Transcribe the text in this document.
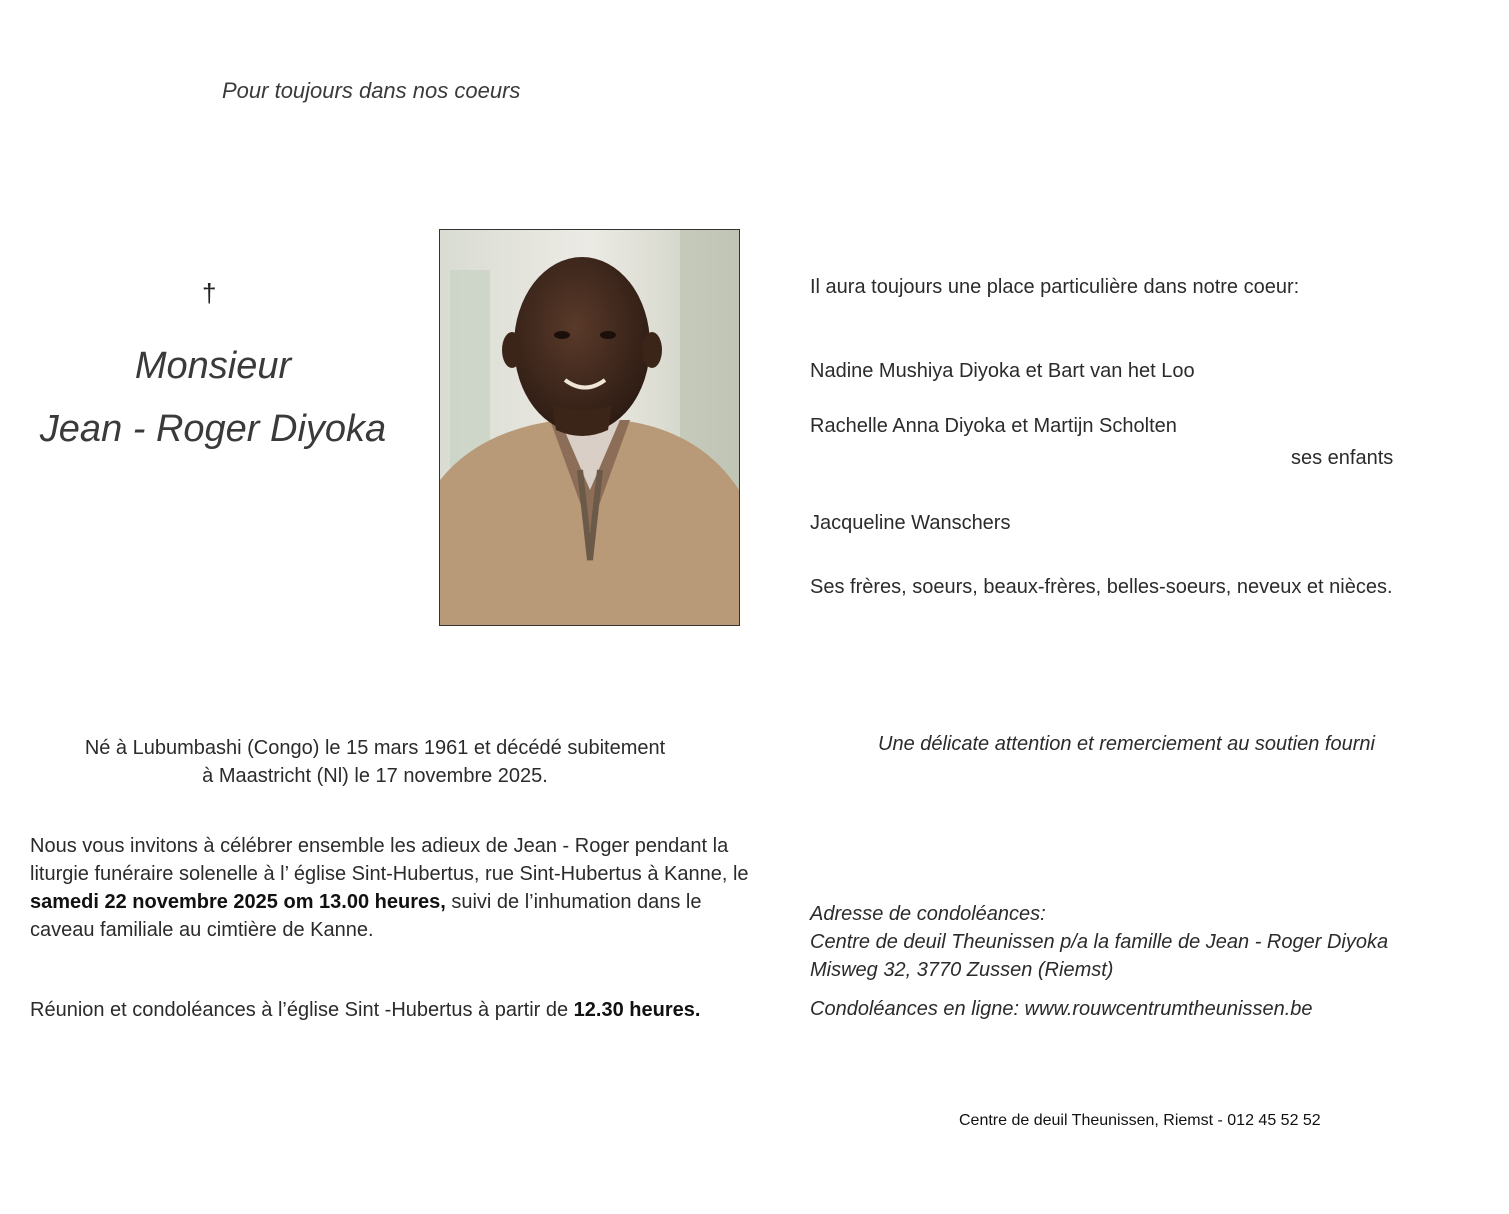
Pour toujours dans nos coeurs
†
Monsieur
Jean - Roger Diyoka
Il aura toujours une place particulière dans notre coeur:
Nadine Mushiya Diyoka et Bart van het Loo
Rachelle Anna Diyoka et Martijn Scholten
ses enfants
Jacqueline Wanschers
Ses frères, soeurs, beaux-frères, belles-soeurs, neveux et nièces.
Né à Lubumbashi (Congo) le 15 mars 1961 et décédé subitement
à Maastricht (Nl) le 17 novembre 2025.
Nous vous invitons à célébrer ensemble les adieux de Jean - Roger pendant la liturgie funéraire solenelle à l’ église Sint-Hubertus, rue Sint-Hubertus à Kanne, le samedi 22 novembre 2025 om 13.00 heures, suivi de l’inhumation dans le caveau familiale au cimtière de Kanne.
Réunion et condoléances à l’église Sint -Hubertus à partir de 12.30 heures.
Une délicate attention et remerciement au soutien fourni
Adresse de condoléances:
Centre de deuil Theunissen p/a la famille de Jean - Roger Diyoka
Misweg 32, 3770 Zussen (Riemst)
Condoléances en ligne: www.rouwcentrumtheunissen.be
Centre de deuil Theunissen, Riemst - 012 45 52 52
